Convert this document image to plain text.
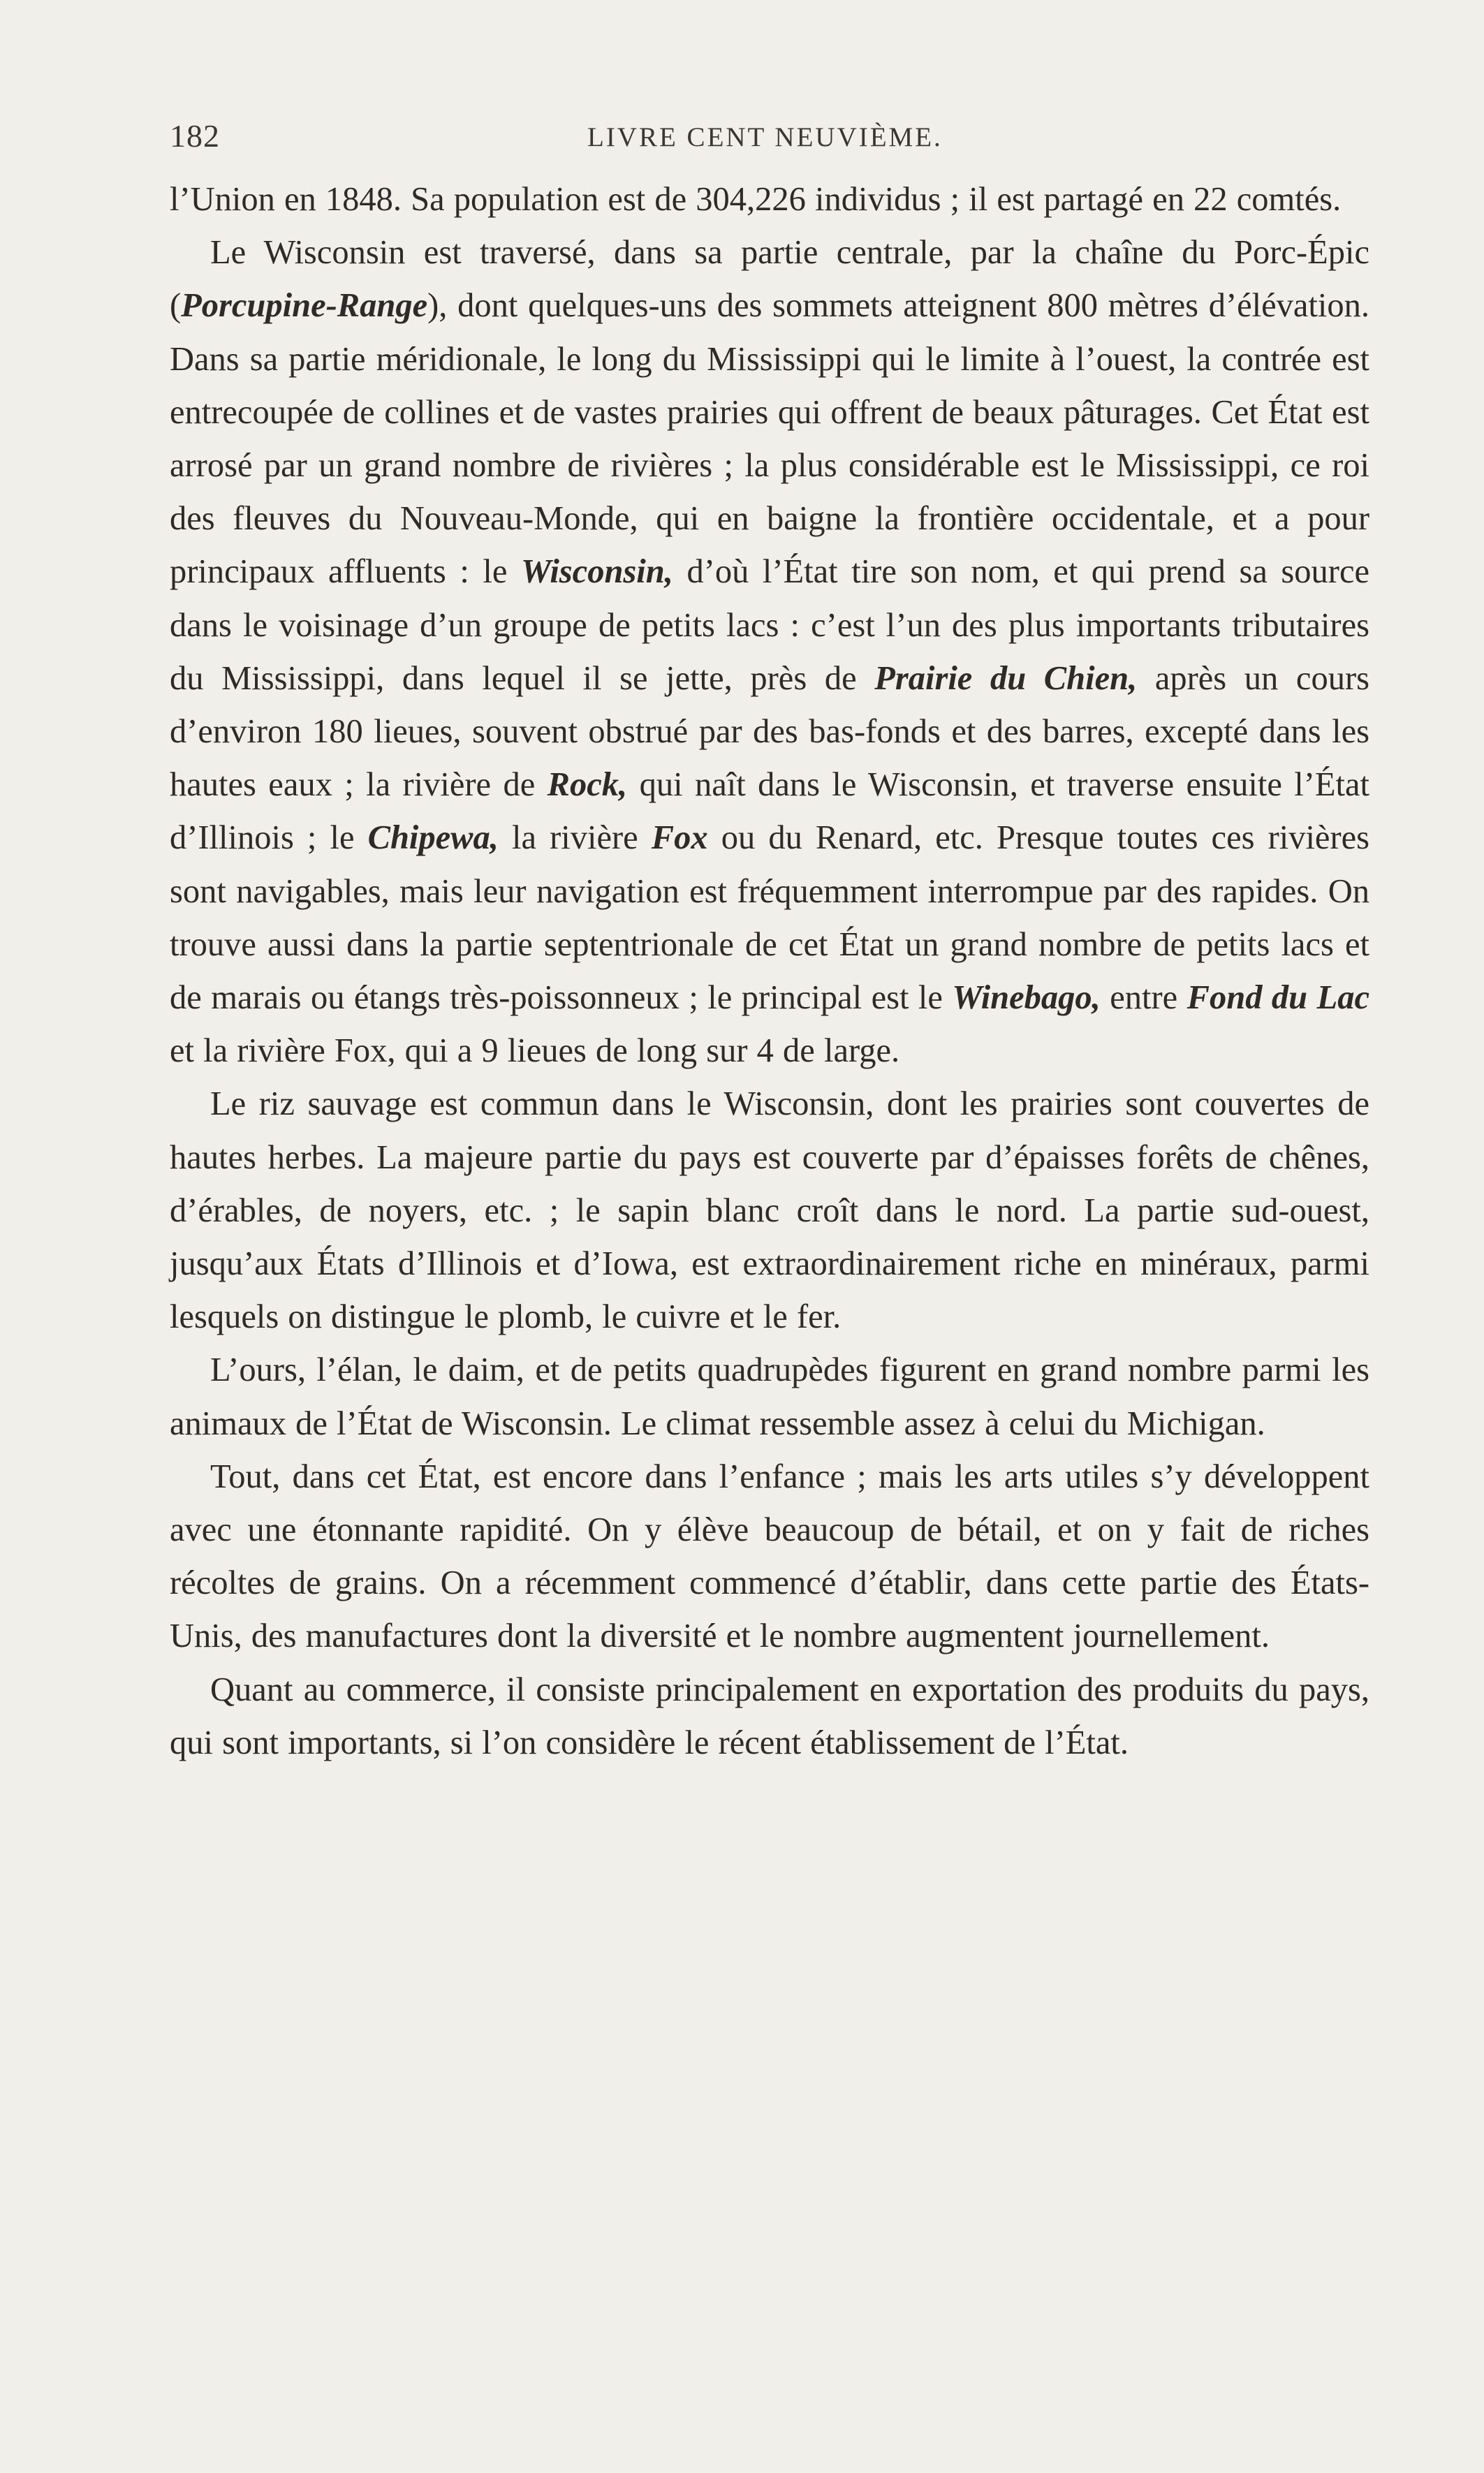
182	LIVRE CENT NEUVIÈME.

l’Union en 1848. Sa population est de 304,226 individus ; il est partagé en 22 comtés.

Le Wisconsin est traversé, dans sa partie centrale, par la chaîne du Porc-Épic (Porcupine-Range), dont quelques-uns des sommets atteignent 800 mètres d’élévation. Dans sa partie méridionale, le long du Mississippi qui le limite à l’ouest, la contrée est entrecoupée de collines et de vastes prairies qui offrent de beaux pâturages. Cet État est arrosé par un grand nombre de rivières ; la plus considérable est le Mississippi, ce roi des fleuves du Nouveau-Monde, qui en baigne la frontière occidentale, et a pour principaux affluents : le Wisconsin, d’où l’État tire son nom, et qui prend sa source dans le voisinage d’un groupe de petits lacs : c’est l’un des plus importants tributaires du Mississippi, dans lequel il se jette, près de Prairie du Chien, après un cours d’environ 180 lieues, souvent obstrué par des bas-fonds et des barres, excepté dans les hautes eaux ; la rivière de Rock, qui naît dans le Wisconsin, et traverse ensuite l’État d’Illinois ; le Chipewa, la rivière Fox ou du Renard, etc. Presque toutes ces rivières sont navigables, mais leur navigation est fréquemment interrompue par des rapides. On trouve aussi dans la partie septentrionale de cet État un grand nombre de petits lacs et de marais ou étangs très-poissonneux ; le principal est le Winebago, entre Fond du Lac et la rivière Fox, qui a 9 lieues de long sur 4 de large.

Le riz sauvage est commun dans le Wisconsin, dont les prairies sont couvertes de hautes herbes. La majeure partie du pays est couverte par d’épaisses forêts de chênes, d’érables, de noyers, etc. ; le sapin blanc croît dans le nord. La partie sud-ouest, jusqu’aux États d’Illinois et d’Iowa, est extraordinairement riche en minéraux, parmi lesquels on distingue le plomb, le cuivre et le fer.

L’ours, l’élan, le daim, et de petits quadrupèdes figurent en grand nombre parmi les animaux de l’État de Wisconsin. Le climat ressemble assez à celui du Michigan.

Tout, dans cet État, est encore dans l’enfance ; mais les arts utiles s’y développent avec une étonnante rapidité. On y élève beaucoup de bétail, et on y fait de riches récoltes de grains. On a récemment commencé d’établir, dans cette partie des États-Unis, des manufactures dont la diversité et le nombre augmentent journellement.

Quant au commerce, il consiste principalement en exportation des produits du pays, qui sont importants, si l’on considère le récent établissement de l’État.
